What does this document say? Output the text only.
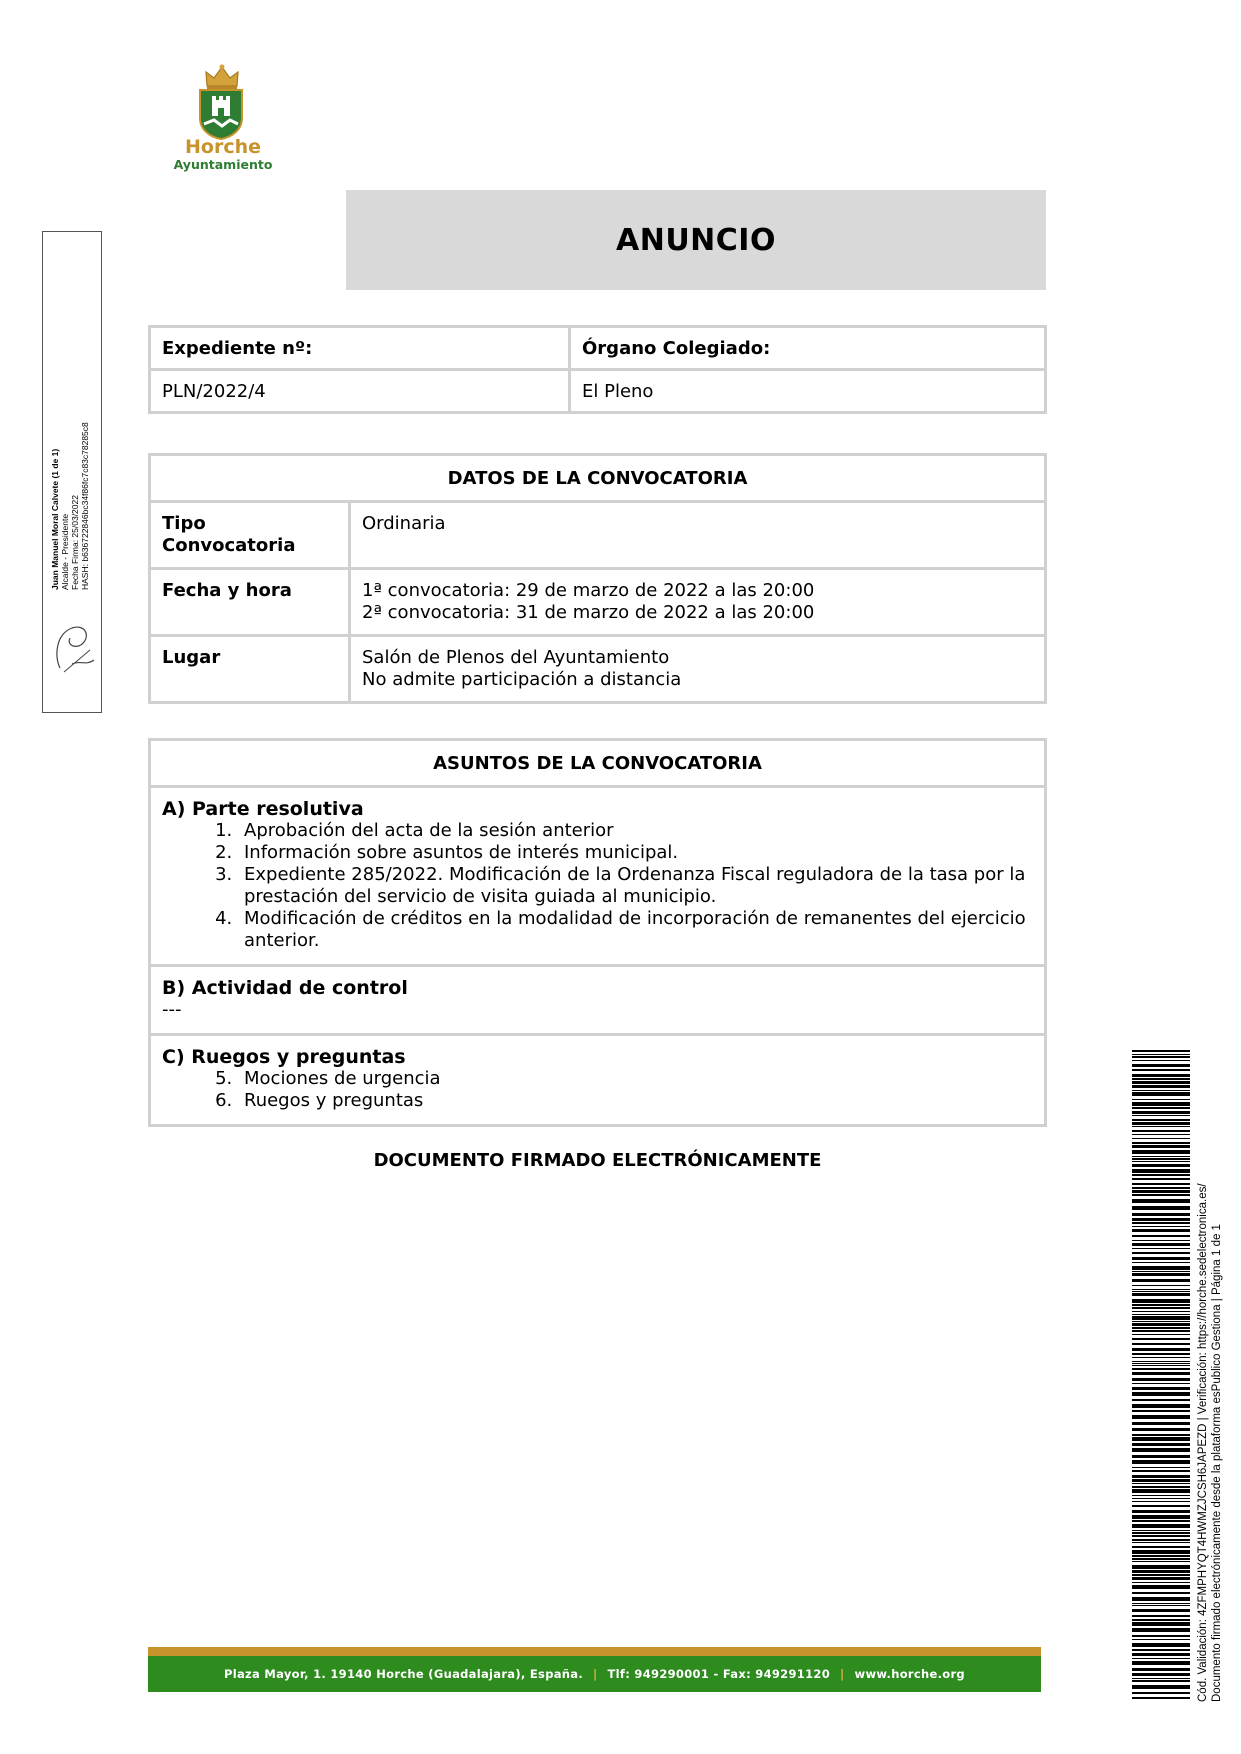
Horche
Ayuntamiento
ANUNCIO
Expediente nº:	Órgano Colegiado:
PLN/2022/4	El Pleno
DATOS DE LA CONVOCATORIA	
Tipo Convocatoria	Ordinaria

Fecha y hora	1ª convocatoria: 29 de marzo de 2022 a las 20:00
2ª convocatoria: 31 de marzo de 2022 a las 20:00

Lugar	Salón de Plenos del Ayuntamiento
No admite participación a distancia
ASUNTOS DE LA CONVOCATORIA

A) Parte resolutiva
1. Aprobación del acta de la sesión anterior
2. Información sobre asuntos de interés municipal.
3. Expediente 285/2022. Modificación de la Ordenanza Fiscal reguladora de la tasa por la prestación del servicio de visita guiada al municipio.
4. Modificación de créditos en la modalidad de incorporación de remanentes del ejercicio anterior.

B) Actividad de control
---

C) Ruegos y preguntas
5. Mociones de urgencia
6. Ruegos y preguntas
DOCUMENTO FIRMADO ELECTRÓNICAMENTE
Juan Manuel Moral Calvete (1 de 1) Alcalde - Presidente Fecha Firma: 25/03/2022 HASH: b636722846bc34f86fc7c83c78285c8
Cód. Validación: 4ZFMPHYQT4HWMZJCSH6JAPEZD | Verificación: https://horche.sedelectronica.es/ Documento firmado electrónicamente desde la plataforma esPublico Gestiona | Página 1 de 1
Plaza Mayor, 1. 19140 Horche (Guadalajara), España. | Tlf: 949290001 - Fax: 949291120 | www.horche.org
